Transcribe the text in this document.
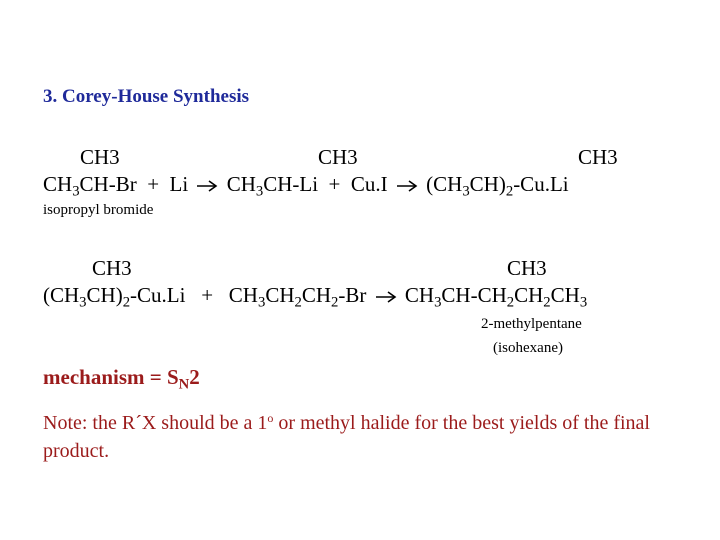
3. Corey-House Synthesis
CH3	CH3	CH3
$CH_3CH-Br + Li$ $CH_3CH-Li + Cu.I$ $(CH_3CH)_2-Cu.Li$
isopropyl bromide
CH3	CH3
$(CH_3CH)_2-Cu.Li + CH_3CH_2CH_2-Br$ $CH_3CH-CH_2CH_2CH_3$
2-methylpentane
(isohexane)
mechanism = $S_N2$
Note: the R´X should be a 1$^o$ or methyl halide for the best yields of the final product.
